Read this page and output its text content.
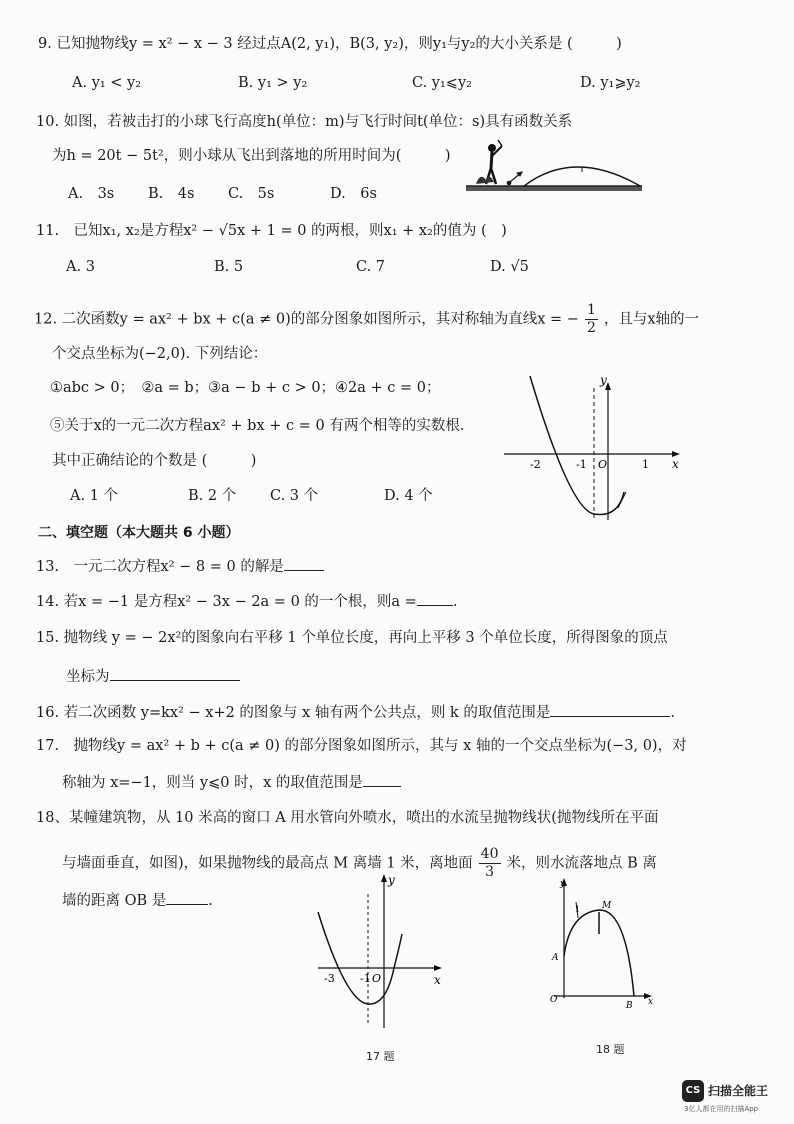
9. 已知抛物线y = x² − x − 3 经过点A(2, y₁)，B(3, y₂)，则y₁与y₂的大小关系是 (　　　)
A. y₁ < y₂	B. y₁ > y₂	C. y₁⩽y₂	D. y₁⩾y₂
10. 如图，若被击打的小球飞行高度h(单位：m)与飞行时间t(单位：s)具有函数关系
为h = 20t − 5t²，则小球从飞出到落地的所用时间为(　　　)
A.　3s B.　4s C.　5s	D.　6s
11.　已知x₁, x₂是方程x² − √5x + 1 = 0 的两根，则x₁ + x₂的值为 (　)
A. 3	B. 5	C. 7	D. √5
12. 二次函数y = ax² + bx + c(a ≠ 0)的部分图象如图所示，其对称轴为直线x = − $\frac{1}{2}$ ，且与x轴的一
个交点坐标为(−2,0). 下列结论：
①abc > 0；　②a = b；③a − b + c > 0；④2a + c = 0；
⑤关于x的一元二次方程ax² + bx + c = 0 有两个相等的实数根.
其中正确结论的个数是 (　　　)
A. 1 个	B. 2 个 C. 3 个	D. 4 个
y
x
-2	-1 O	1
二、填空题（本大题共 6 小题）
13.　一元二次方程x² − 8 = 0 的解是
14. 若x = −1 是方程x² − 3x − 2a = 0 的一个根，则a = .
15. 抛物线 y = − 2x²的图象向右平移 1 个单位长度，再向上平移 3 个单位长度，所得图象的顶点
坐标为
16. 若二次函数 y=kx² − x+2 的图象与 x 轴有两个公共点，则 k 的取值范围是	.
17.　抛物线y = ax² + b + c(a ≠ 0) 的部分图象如图所示，其与 x 轴的一个交点坐标为(−3, 0)，对
称轴为 x=−1，则当 y⩽0 时，x 的取值范围是
18、某幢建筑物，从 10 米高的窗口 A 用水管向外喷水，喷出的水流呈抛物线状(抛物线所在平面
与墙面垂直，如图)，如果抛物线的最高点 M 离墙 1 米，离地面 $\frac{40}{3}$ 米，则水流落地点 B 离
墙的距离 OB 是	.
y
x
-3 -1 O
17 题
y
M
A
O
B x
1
18 题
CS 扫描全能王
3亿人都在用的扫描App
